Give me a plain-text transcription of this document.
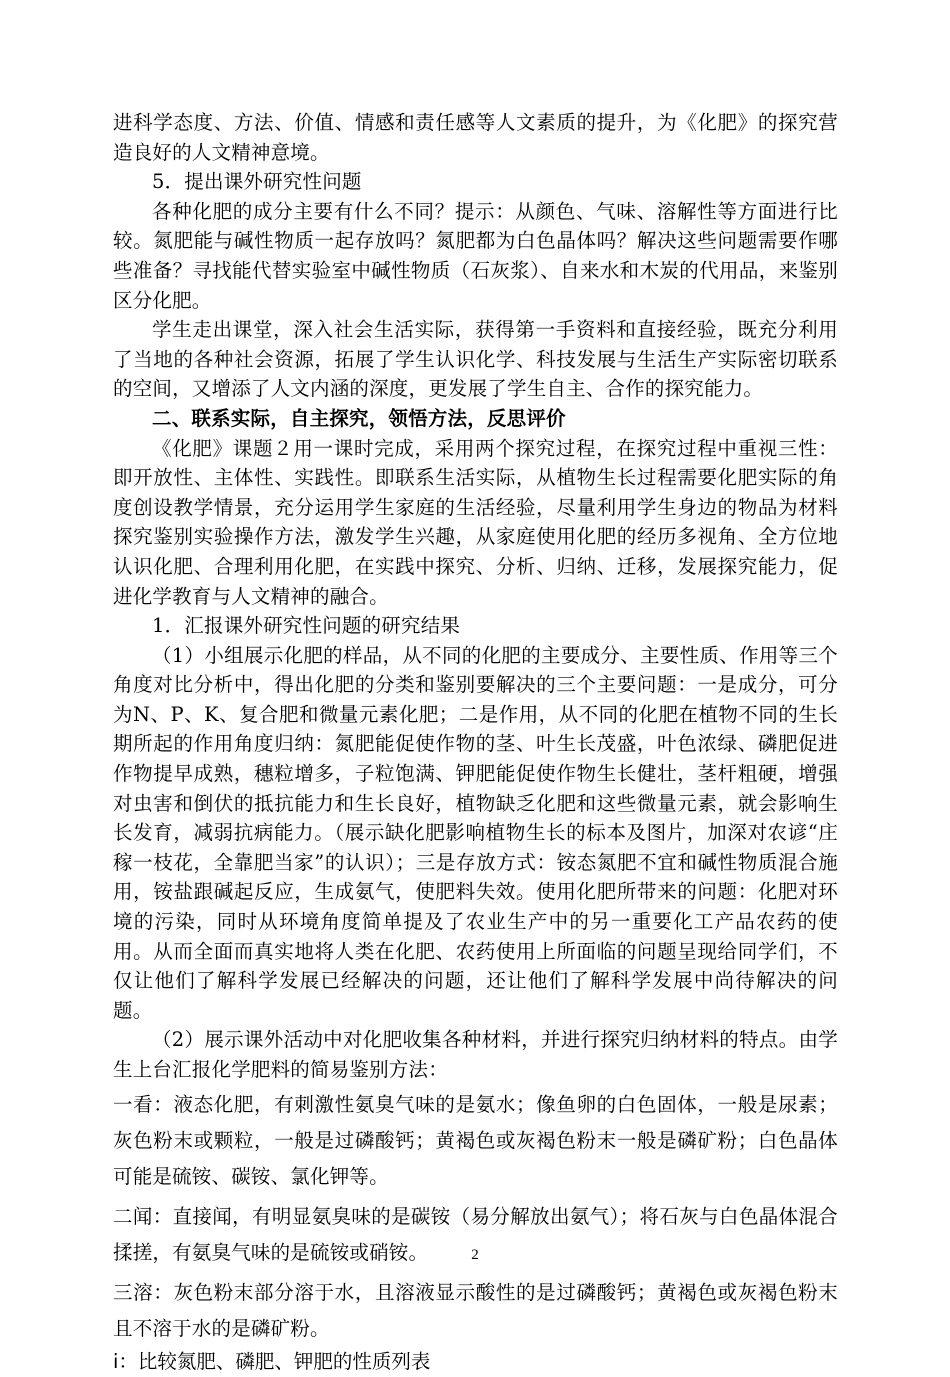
进科学态度、方法、价值、情感和责任感等人文素质的提升，为《化肥》的探究营造良好的人文精神意境。

5．提出课外研究性问题

各种化肥的成分主要有什么不同？提示：从颜色、气味、溶解性等方面进行比较。氮肥能与碱性物质一起存放吗？氮肥都为白色晶体吗？解决这些问题需要作哪些准备？寻找能代替实验室中碱性物质（石灰浆）、自来水和木炭的代用品，来鉴别区分化肥。

学生走出课堂，深入社会生活实际，获得第一手资料和直接经验，既充分利用了当地的各种社会资源，拓展了学生认识化学、科技发展与生活生产实际密切联系的空间，又增添了人文内涵的深度，更发展了学生自主、合作的探究能力。

二、联系实际，自主探究，领悟方法，反思评价

《化肥》课题２用一课时完成，采用两个探究过程，在探究过程中重视三性：即开放性、主体性、实践性。即联系生活实际，从植物生长过程需要化肥实际的角度创设教学情景，充分运用学生家庭的生活经验，尽量利用学生身边的物品为材料探究鉴别实验操作方法，激发学生兴趣，从家庭使用化肥的经历多视角、全方位地认识化肥、合理利用化肥，在实践中探究、分析、归纳、迁移，发展探究能力，促进化学教育与人文精神的融合。

1．汇报课外研究性问题的研究结果

（1）小组展示化肥的样品，从不同的化肥的主要成分、主要性质、作用等三个角度对比分析中，得出化肥的分类和鉴别要解决的三个主要问题：一是成分，可分为N、P、K、复合肥和微量元素化肥；二是作用，从不同的化肥在植物不同的生长期所起的作用角度归纳：氮肥能促使作物的茎、叶生长茂盛，叶色浓绿、磷肥促进作物提早成熟，穗粒增多，子粒饱满、钾肥能促使作物生长健壮，茎杆粗硬，增强对虫害和倒伏的抵抗能力和生长良好，植物缺乏化肥和这些微量元素，就会影响生长发育，减弱抗病能力。（展示缺化肥影响植物生长的标本及图片，加深对农谚“庄稼一枝花，全靠肥当家”的认识）；三是存放方式：铵态氮肥不宜和碱性物质混合施用，铵盐跟碱起反应，生成氨气，使肥料失效。使用化肥所带来的问题：化肥对环境的污染，同时从环境角度简单提及了农业生产中的另一重要化工产品农药的使用。从而全面而真实地将人类在化肥、农药使用上所面临的问题呈现给同学们，不仅让他们了解科学发展已经解决的问题，还让他们了解科学发展中尚待解决的问题。

（2）展示课外活动中对化肥收集各种材料，并进行探究归纳材料的特点。由学生上台汇报化学肥料的简易鉴别方法：

一看：液态化肥，有刺激性氨臭气味的是氨水；像鱼卵的白色固体，一般是尿素；灰色粉末或颗粒，一般是过磷酸钙；黄褐色或灰褐色粉末一般是磷矿粉；白色晶体可能是硫铵、碳铵、氯化钾等。

二闻：直接闻，有明显氨臭味的是碳铵（易分解放出氨气）；将石灰与白色晶体混合揉搓，有氨臭气味的是硫铵或硝铵。

三溶：灰色粉末部分溶于水，且溶液显示酸性的是过磷酸钙；黄褐色或灰褐色粉末且不溶于水的是磷矿粉。

i：比较氮肥、磷肥、钾肥的性质列表

2
